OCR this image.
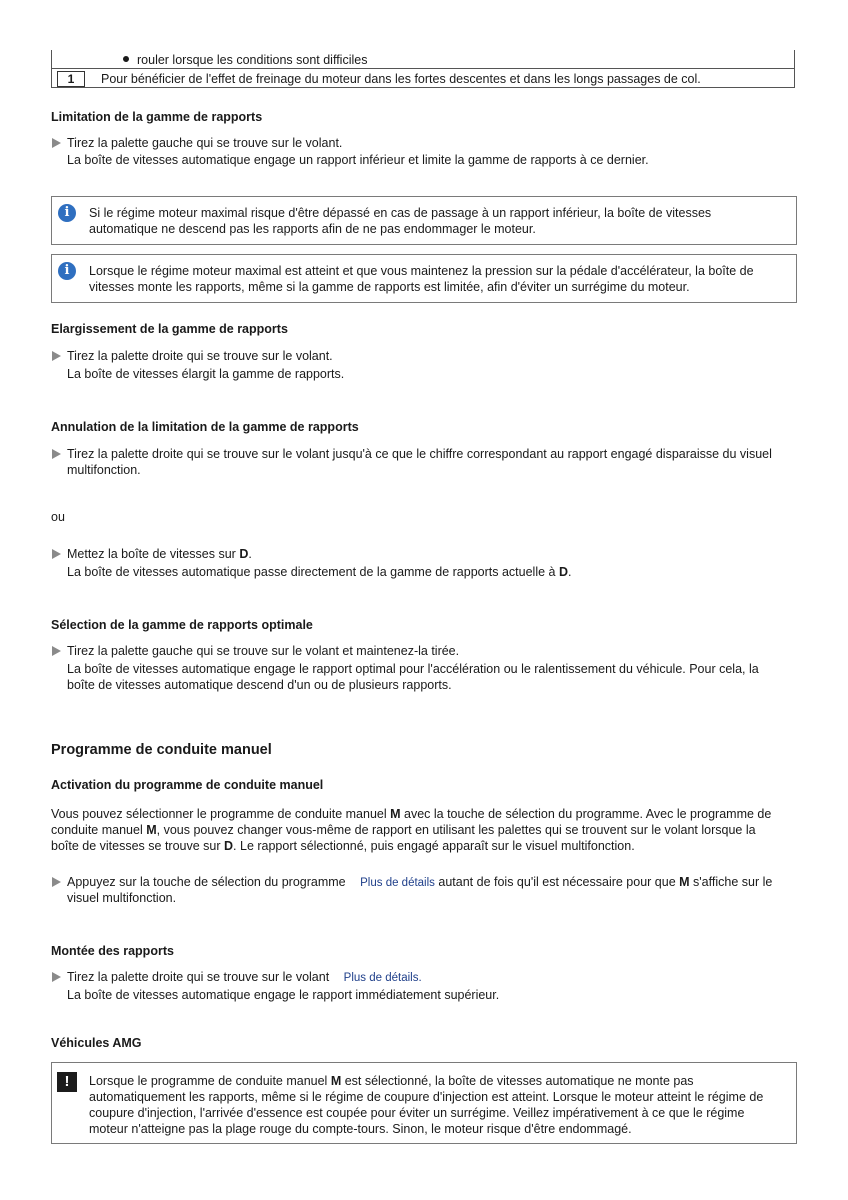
rouler lorsque les conditions sont difficiles
1	Pour bénéficier de l'effet de freinage du moteur dans les fortes descentes et dans les longs passages de col.
Limitation de la gamme de rapports
Tirez la palette gauche qui se trouve sur le volant.
La boîte de vitesses automatique engage un rapport inférieur et limite la gamme de rapports à ce dernier.
i	Si le régime moteur maximal risque d'être dépassé en cas de passage à un rapport inférieur, la boîte de vitesses
automatique ne descend pas les rapports afin de ne pas endommager le moteur.
i	Lorsque le régime moteur maximal est atteint et que vous maintenez la pression sur la pédale d'accélérateur, la boîte de
vitesses monte les rapports, même si la gamme de rapports est limitée, afin d'éviter un surrégime du moteur.
Elargissement de la gamme de rapports
Tirez la palette droite qui se trouve sur le volant.
La boîte de vitesses élargit la gamme de rapports.
Annulation de la limitation de la gamme de rapports
Tirez la palette droite qui se trouve sur le volant jusqu'à ce que le chiffre correspondant au rapport engagé disparaisse du visuel
multifonction.
ou
Mettez la boîte de vitesses sur D.
La boîte de vitesses automatique passe directement de la gamme de rapports actuelle à D.
Sélection de la gamme de rapports optimale
Tirez la palette gauche qui se trouve sur le volant et maintenez-la tirée.
La boîte de vitesses automatique engage le rapport optimal pour l'accélération ou le ralentissement du véhicule. Pour cela, la
boîte de vitesses automatique descend d'un ou de plusieurs rapports.
Programme de conduite manuel
Activation du programme de conduite manuel
Vous pouvez sélectionner le programme de conduite manuel M avec la touche de sélection du programme. Avec le programme de
conduite manuel M, vous pouvez changer vous-même de rapport en utilisant les palettes qui se trouvent sur le volant lorsque la
boîte de vitesses se trouve sur D. Le rapport sélectionné, puis engagé apparaît sur le visuel multifonction.
Appuyez sur la touche de sélection du programme Plus de détails autant de fois qu'il est nécessaire pour que M s'affiche sur le
visuel multifonction.
Montée des rapports
Tirez la palette droite qui se trouve sur le volant Plus de détails.
La boîte de vitesses automatique engage le rapport immédiatement supérieur.
Véhicules AMG
!	Lorsque le programme de conduite manuel M est sélectionné, la boîte de vitesses automatique ne monte pas
automatiquement les rapports, même si le régime de coupure d'injection est atteint. Lorsque le moteur atteint le régime de
coupure d'injection, l'arrivée d'essence est coupée pour éviter un surrégime. Veillez impérativement à ce que le régime
moteur n'atteigne pas la plage rouge du compte-tours. Sinon, le moteur risque d'être endommagé.
